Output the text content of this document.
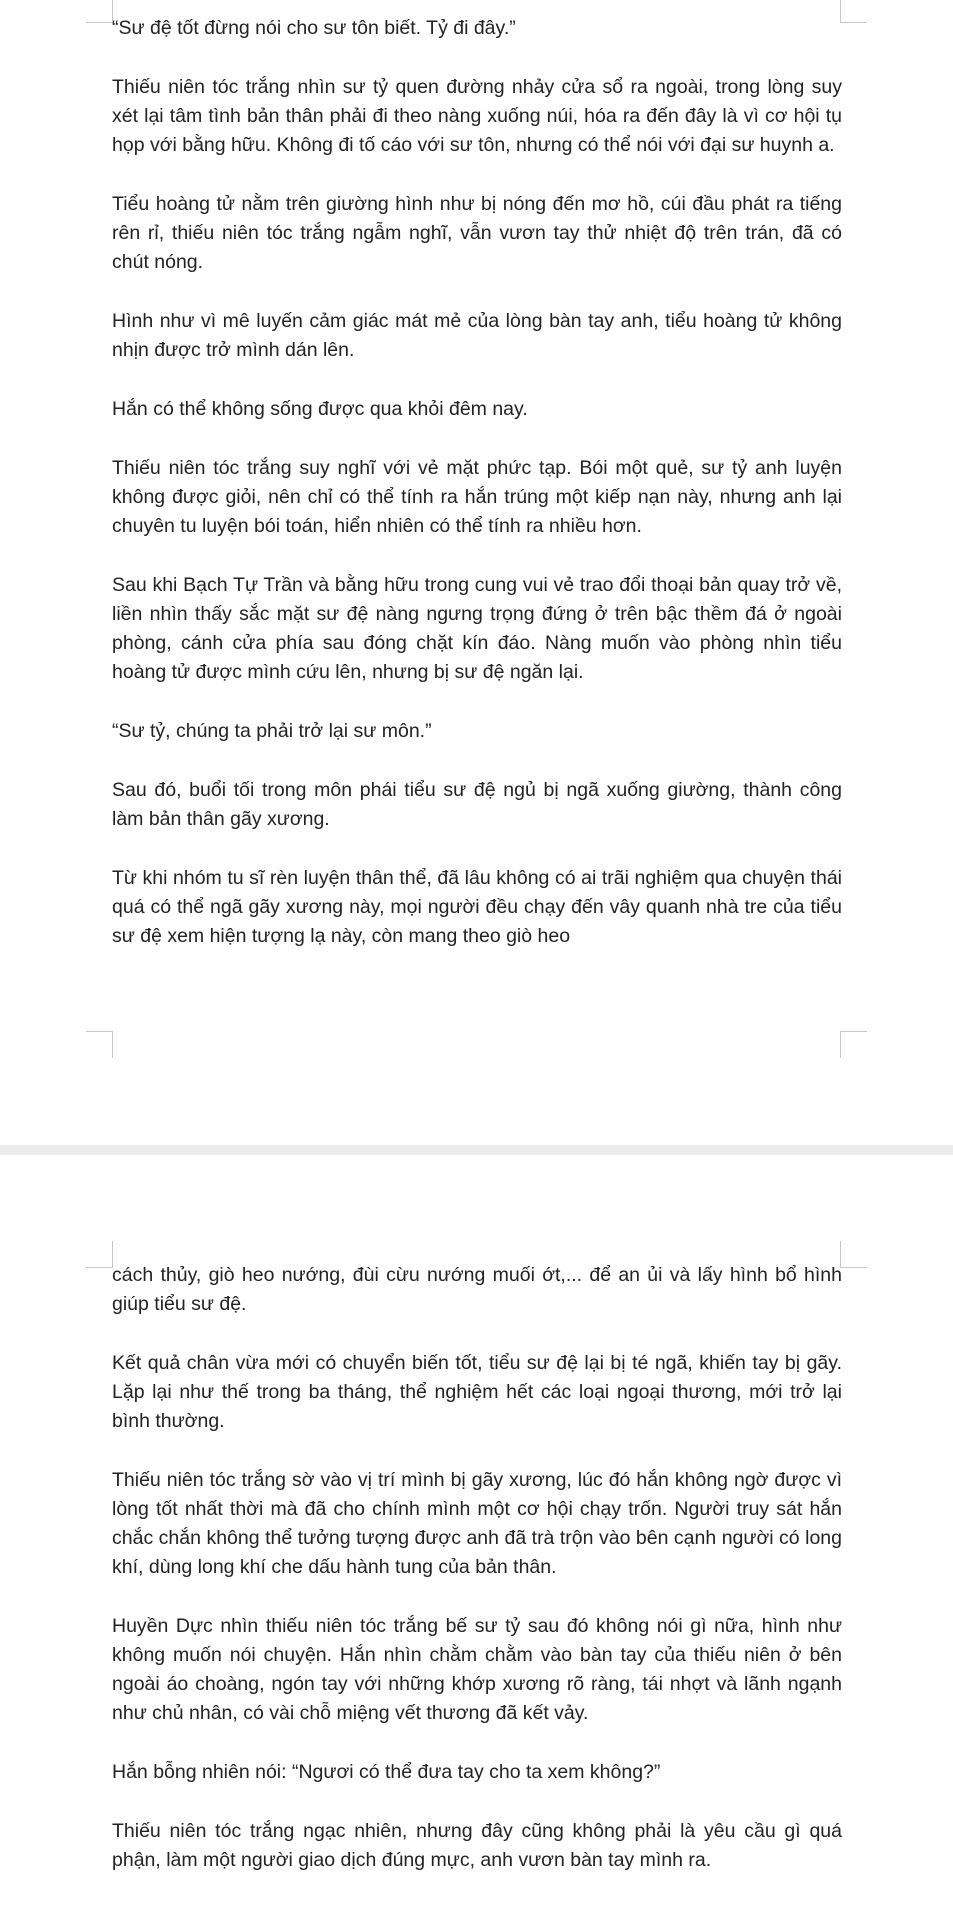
“Sư đệ tốt đừng nói cho sư tôn biết. Tỷ đi đây.”

Thiếu niên tóc trắng nhìn sư tỷ quen đường nhảy cửa sổ ra ngoài, trong lòng suy xét lại tâm tình bản thân phải đi theo nàng xuống núi, hóa ra đến đây là vì cơ hội tụ họp với bằng hữu. Không đi tố cáo với sư tôn, nhưng có thể nói với đại sư huynh a.

Tiểu hoàng tử nằm trên giường hình như bị nóng đến mơ hồ, cúi đầu phát ra tiếng rên rỉ, thiếu niên tóc trắng ngẫm nghĩ, vẫn vươn tay thử nhiệt độ trên trán, đã có chút nóng.

Hình như vì mê luyến cảm giác mát mẻ của lòng bàn tay anh, tiểu hoàng tử không nhịn được trở mình dán lên.

Hắn có thể không sống được qua khỏi đêm nay.

Thiếu niên tóc trắng suy nghĩ với vẻ mặt phức tạp. Bói một quẻ, sư tỷ anh luyện không được giỏi, nên chỉ có thể tính ra hắn trúng một kiếp nạn này, nhưng anh lại chuyên tu luyện bói toán, hiển nhiên có thể tính ra nhiều hơn.

Sau khi Bạch Tự Trần và bằng hữu trong cung vui vẻ trao đổi thoại bản quay trở về, liền nhìn thấy sắc mặt sư đệ nàng ngưng trọng đứng ở trên bậc thềm đá ở ngoài phòng, cánh cửa phía sau đóng chặt kín đáo. Nàng muốn vào phòng nhìn tiểu hoàng tử được mình cứu lên, nhưng bị sư đệ ngăn lại.

“Sư tỷ, chúng ta phải trở lại sư môn.”

Sau đó, buổi tối trong môn phái tiểu sư đệ ngủ bị ngã xuống giường, thành công làm bản thân gãy xương.

Từ khi nhóm tu sĩ rèn luyện thân thể, đã lâu không có ai trãi nghiệm qua chuyện thái quá có thể ngã gãy xương này, mọi người đều chạy đến vây quanh nhà tre của tiểu sư đệ xem hiện tượng lạ này, còn mang theo giò heo

cách thủy, giò heo nướng, đùi cừu nướng muối ớt,... để an ủi và lấy hình bổ hình giúp tiểu sư đệ.

Kết quả chân vừa mới có chuyển biến tốt, tiểu sư đệ lại bị té ngã, khiến tay bị gãy. Lặp lại như thế trong ba tháng, thể nghiệm hết các loại ngoại thương, mới trở lại bình thường.

Thiếu niên tóc trắng sờ vào vị trí mình bị gãy xương, lúc đó hắn không ngờ được vì lòng tốt nhất thời mà đã cho chính mình một cơ hội chạy trốn. Người truy sát hắn chắc chắn không thể tưởng tượng được anh đã trà trộn vào bên cạnh người có long khí, dùng long khí che dấu hành tung của bản thân.

Huyền Dực nhìn thiếu niên tóc trắng bế sư tỷ sau đó không nói gì nữa, hình như không muốn nói chuyện. Hắn nhìn chằm chằm vào bàn tay của thiếu niên ở bên ngoài áo choàng, ngón tay với những khớp xương rõ ràng, tái nhợt và lãnh ngạnh như chủ nhân, có vài chỗ miệng vết thương đã kết vảy.

Hắn bỗng nhiên nói: “Ngươi có thể đưa tay cho ta xem không?”

Thiếu niên tóc trắng ngạc nhiên, nhưng đây cũng không phải là yêu cầu gì quá phận, làm một người giao dịch đúng mực, anh vươn bàn tay mình ra.
